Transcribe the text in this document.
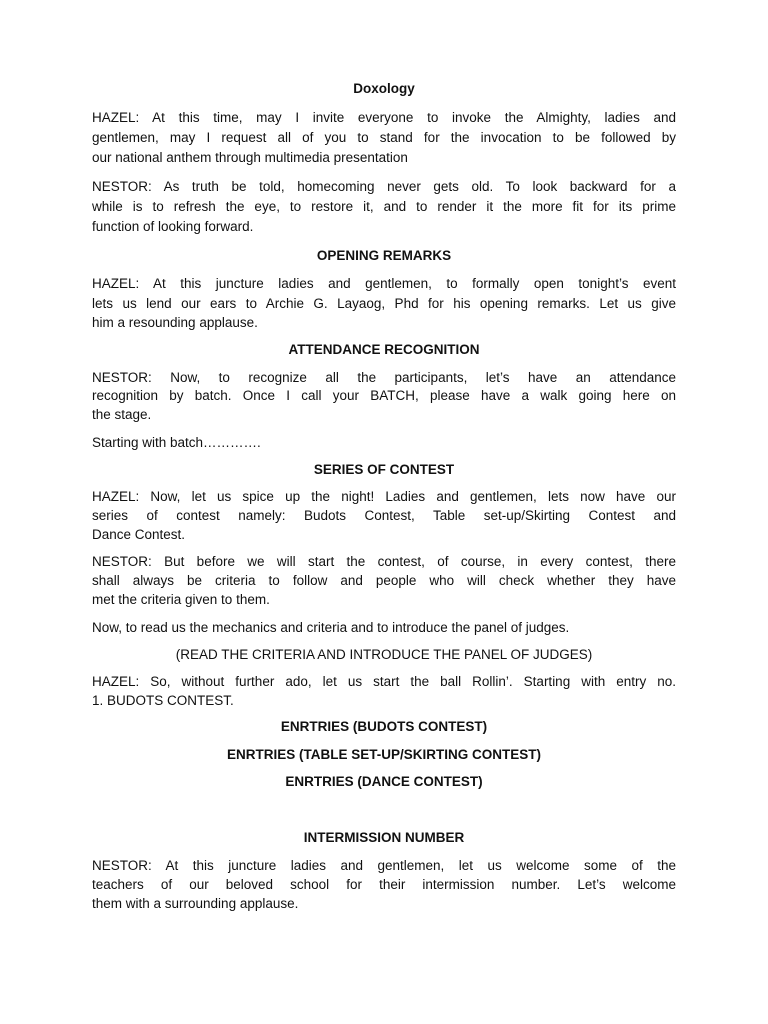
Doxology
HAZEL: At this time, may I invite everyone to invoke the Almighty, ladies and
gentlemen, may I request all of you to stand for the invocation to be followed by
our national anthem through multimedia presentation
NESTOR: As truth be told, homecoming never gets old. To look backward for a
while is to refresh the eye, to restore it, and to render it the more fit for its prime
function of looking forward.
OPENING REMARKS
HAZEL: At this juncture ladies and gentlemen, to formally open tonight’s event
lets us lend our ears to Archie G. Layaog, Phd for his opening remarks. Let us give
him a resounding applause.
ATTENDANCE RECOGNITION
NESTOR: Now, to recognize all the participants, let’s have an attendance
recognition by batch. Once I call your BATCH, please have a walk going here on
the stage.
Starting with batch………….
SERIES OF CONTEST
HAZEL: Now, let us spice up the night! Ladies and gentlemen, lets now have our
series of contest namely: Budots Contest, Table set-up/Skirting Contest and
Dance Contest.
NESTOR: But before we will start the contest, of course, in every contest, there
shall always be criteria to follow and people who will check whether they have
met the criteria given to them.
Now, to read us the mechanics and criteria and to introduce the panel of judges.
(READ THE CRITERIA AND INTRODUCE THE PANEL OF JUDGES)
HAZEL: So, without further ado, let us start the ball Rollin’. Starting with entry no.
1. BUDOTS CONTEST.
ENRTRIES (BUDOTS CONTEST)
ENRTRIES (TABLE SET-UP/SKIRTING CONTEST)
ENRTRIES (DANCE CONTEST)
INTERMISSION NUMBER
NESTOR: At this juncture ladies and gentlemen, let us welcome some of the
teachers of our beloved school for their intermission number. Let’s welcome
them with a surrounding applause.
